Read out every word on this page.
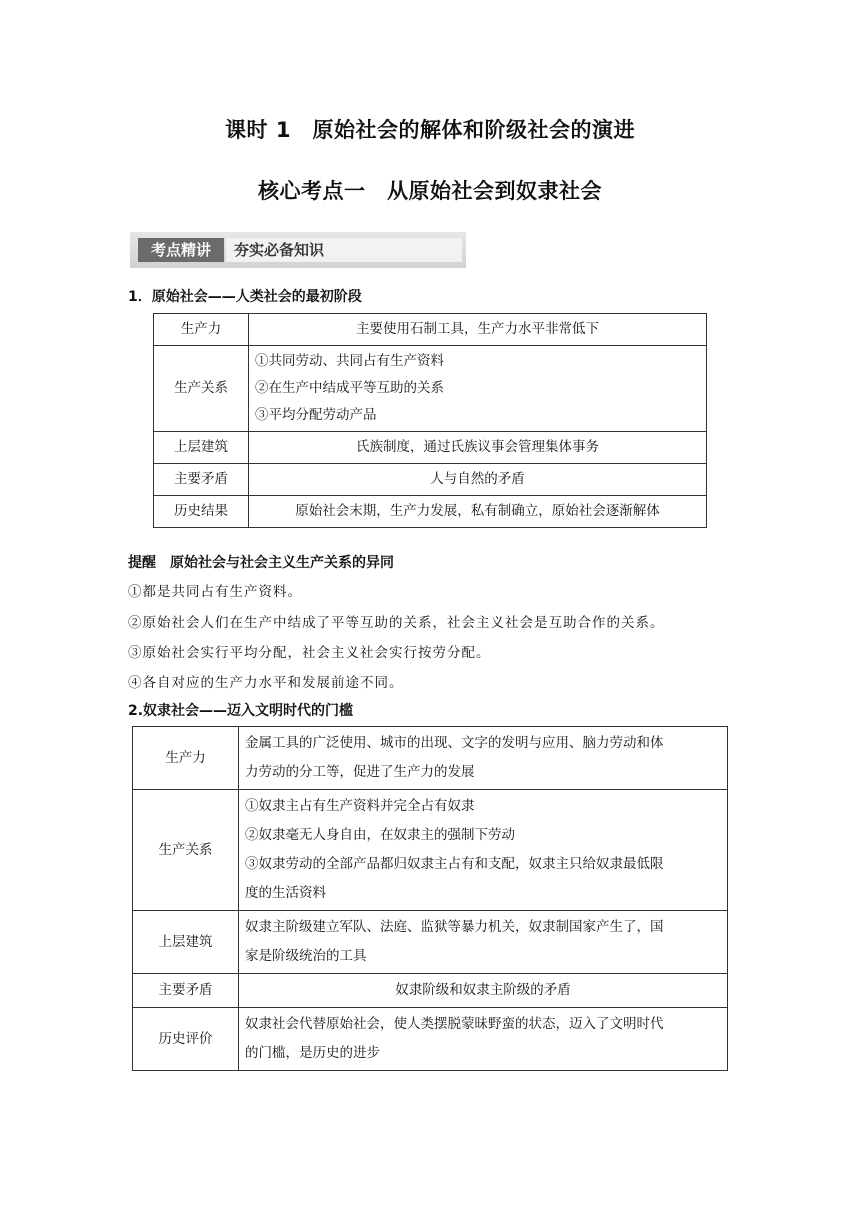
课时 1　原始社会的解体和阶级社会的演进
核心考点一　从原始社会到奴隶社会
考点精讲	夯实必备知识
1．原始社会——人类社会的最初阶段
生产力	主要使用石制工具，生产力水平非常低下
生产关系	①共同劳动、共同占有生产资料
②在生产中结成平等互助的关系
③平均分配劳动产品

上层建筑	氏族制度，通过氏族议事会管理集体事务
主要矛盾	人与自然的矛盾
历史结果	原始社会末期，生产力发展，私有制确立，原始社会逐渐解体
提醒　原始社会与社会主义生产关系的异同
①都是共同占有生产资料。
②原始社会人们在生产中结成了平等互助的关系，社会主义社会是互助合作的关系。
③原始社会实行平均分配，社会主义社会实行按劳分配。
④各自对应的生产力水平和发展前途不同。
2.奴隶社会——迈入文明时代的门槛
生产力	金属工具的广泛使用、城市的出现、文字的发明与应用、脑力劳动和体
力劳动的分工等，促进了生产力的发展

生产关系	①奴隶主占有生产资料并完全占有奴隶
②奴隶毫无人身自由，在奴隶主的强制下劳动
③奴隶劳动的全部产品都归奴隶主占有和支配，奴隶主只给奴隶最低限
度的生活资料

上层建筑	奴隶主阶级建立军队、法庭、监狱等暴力机关，奴隶制国家产生了，国
家是阶级统治的工具

主要矛盾	奴隶阶级和奴隶主阶级的矛盾
历史评价	奴隶社会代替原始社会，使人类摆脱蒙昧野蛮的状态，迈入了文明时代
的门槛，是历史的进步
